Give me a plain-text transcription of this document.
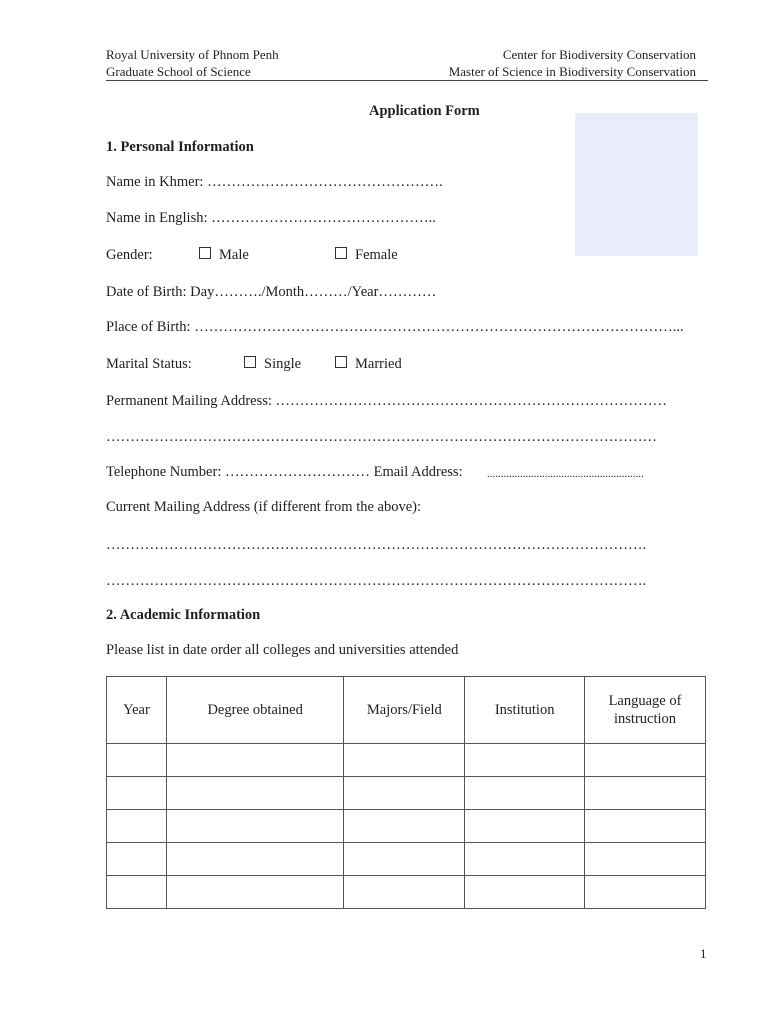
Royal University of Phnom Penh
Graduate School of Science
Center for Biodiversity Conservation
Master of Science in Biodiversity Conservation
Application Form
1. Personal Information
Name in Khmer: ………………………………………….
Name in English: ………………………………………..
Gender:	Male	Female
Date of Birth: Day………./Month………/Year…………
Place of Birth: ………………………………………………………………………………………...
Marital Status:	Single	Married
Permanent Mailing Address: ………………………………………………………………………
……………………………………………………………………………………………………
Telephone Number: ………………………… Email Address: .........................................................
Current Mailing Address (if different from the above):
………………………………………………………………………………………………….
………………………………………………………………………………………………….
2. Academic Information
Please list in date order all colleges and universities attended
Year	Degree obtained	Majors/Field	Institution	Language of instruction

1
